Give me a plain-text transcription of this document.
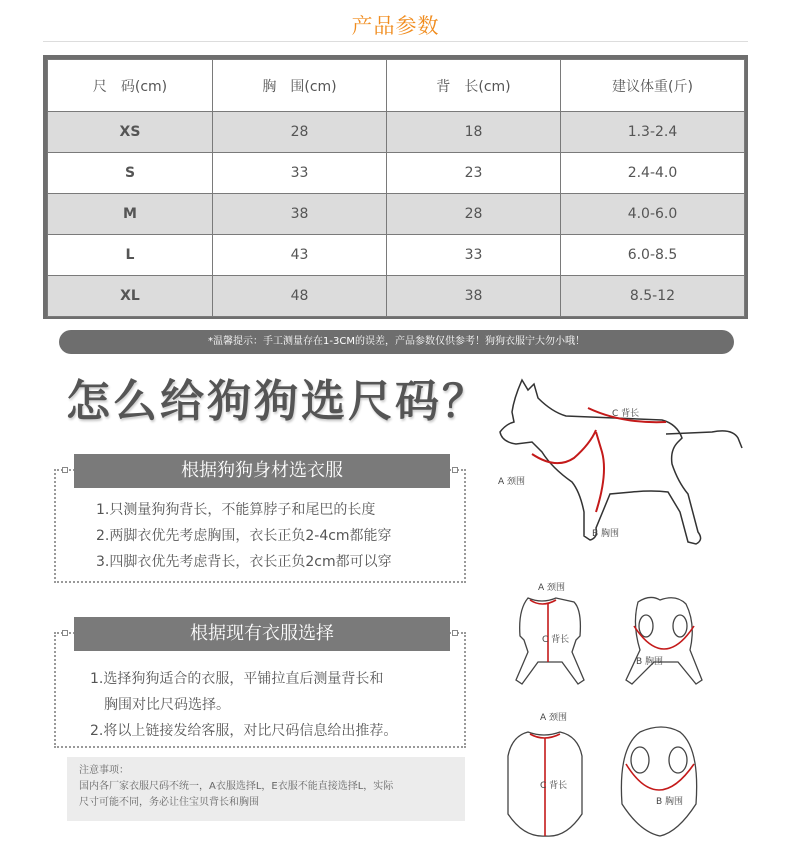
产品参数
尺　码(cm)	胸　围(cm)	背　长(cm)	建议体重(斤)
XS	28	18	1.3-2.4
S	33	23	2.4-4.0
M	38	28	4.0-6.0
L	43	33	6.0-8.5
XL	48	38	8.5-12
*温馨提示：手工测量存在1-3CM的误差，产品参数仅供参考！狗狗衣服宁大勿小哦！
怎么给狗狗选尺码？
根据狗狗身材选衣服
1.只测量狗狗背长，不能算脖子和尾巴的长度
2.两脚衣优先考虑胸围，衣长正负2-4cm都能穿
3.四脚衣优先考虑背长，衣长正负2cm都可以穿
根据现有衣服选择
1.选择狗狗适合的衣服，平铺拉直后测量背长和
胸围对比尺码选择。
2.将以上链接发给客服，对比尺码信息给出推荐。
注意事项：
国内各厂家衣服尺码不统一，A衣服选择L，E衣服不能直接选择L，实际
尺寸可能不同，务必让住宝贝背长和胸围
C 背长
A 颈围
B 胸围
A 颈围
C 背长
B 胸围
A 颈围
C 背长
B 胸围
